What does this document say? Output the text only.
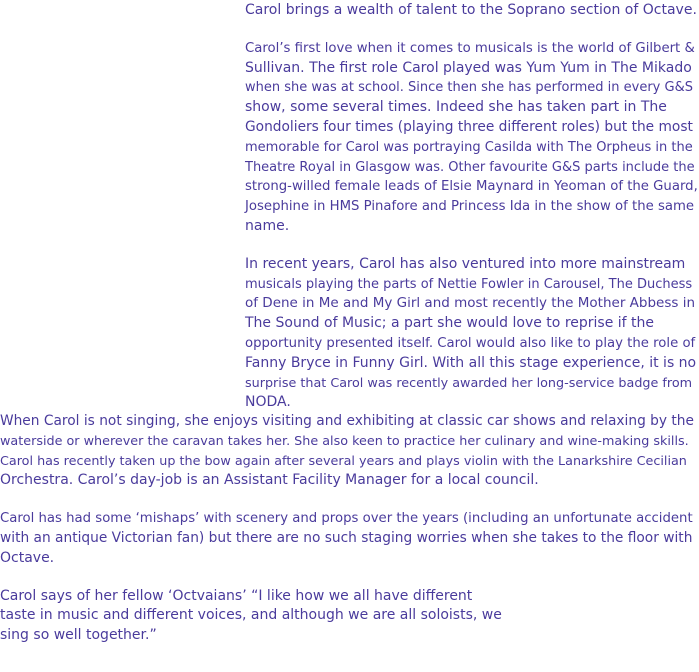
Carol brings a wealth of talent to the Soprano section of Octave.

Carol’s first love when it comes to musicals is the world of Gilbert &
Sullivan. The first role Carol played was Yum Yum in The Mikado
when she was at school. Since then she has performed in every G&S
show, some several times. Indeed she has taken part in The
Gondoliers four times (playing three different roles) but the most
memorable for Carol was portraying Casilda with The Orpheus in the
Theatre Royal in Glasgow was. Other favourite G&S parts include the
strong-willed female leads of Elsie Maynard in Yeoman of the Guard,
Josephine in HMS Pinafore and Princess Ida in the show of the same
name.

In recent years, Carol has also ventured into more mainstream
musicals playing the parts of Nettie Fowler in Carousel, The Duchess
of Dene in Me and My Girl and most recently the Mother Abbess in
The Sound of Music; a part she would love to reprise if the
opportunity presented itself. Carol would also like to play the role of
Fanny Bryce in Funny Girl. With all this stage experience, it is no
surprise that Carol was recently awarded her long-service badge from
NODA.

When Carol is not singing, she enjoys visiting and exhibiting at classic car shows and relaxing by the
waterside or wherever the caravan takes her. She also keen to practice her culinary and wine-making skills.
Carol has recently taken up the bow again after several years and plays violin with the Lanarkshire Cecilian
Orchestra. Carol’s day-job is an Assistant Facility Manager for a local council.

Carol has had some ‘mishaps’ with scenery and props over the years (including an unfortunate accident
with an antique Victorian fan) but there are no such staging worries when she takes to the floor with
Octave.

Carol says of her fellow ‘Octvaians’ “I like how we all have different
taste in music and different voices, and although we are all soloists, we
sing so well together.”
